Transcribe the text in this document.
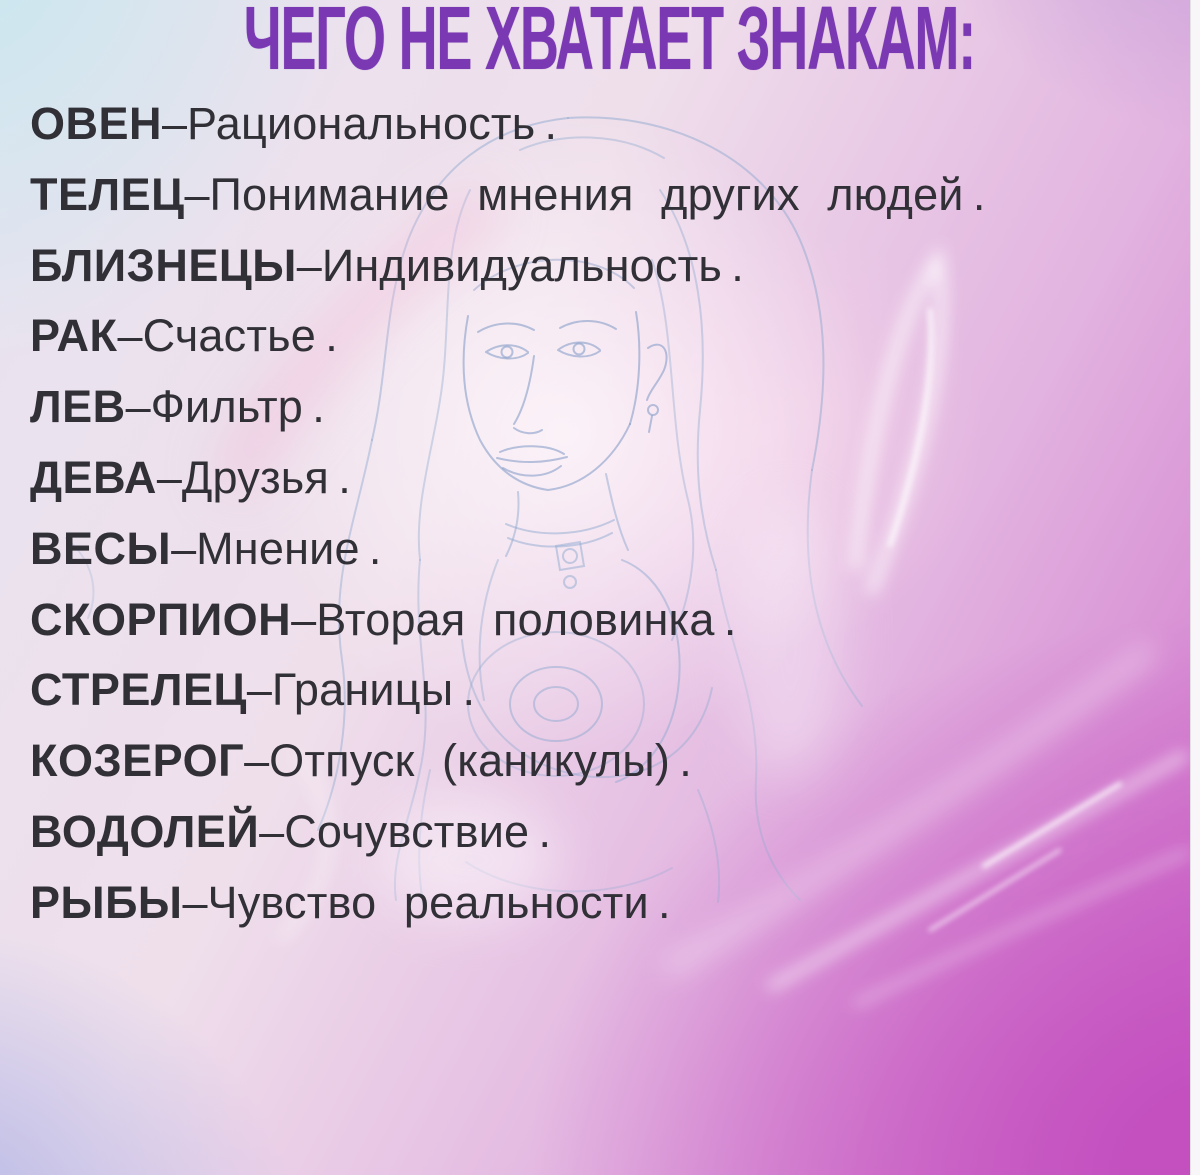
ЧЕГО НЕ ХВАТАЕТ ЗНАКАМ:
ОВЕН–Рациональность .
ТЕЛЕЦ–Понимание мнения других людей .
БЛИЗНЕЦЫ–Индивидуальность .
РАК–Счастье .
ЛЕВ–Фильтр .
ДЕВА–Друзья .
ВЕСЫ–Мнение .
СКОРПИОН–Вторая половинка .
СТРЕЛЕЦ–Границы .
КОЗЕРОГ–Отпуск (каникулы) .
ВОДОЛЕЙ–Сочувствие .
РЫБЫ–Чувство реальности .
